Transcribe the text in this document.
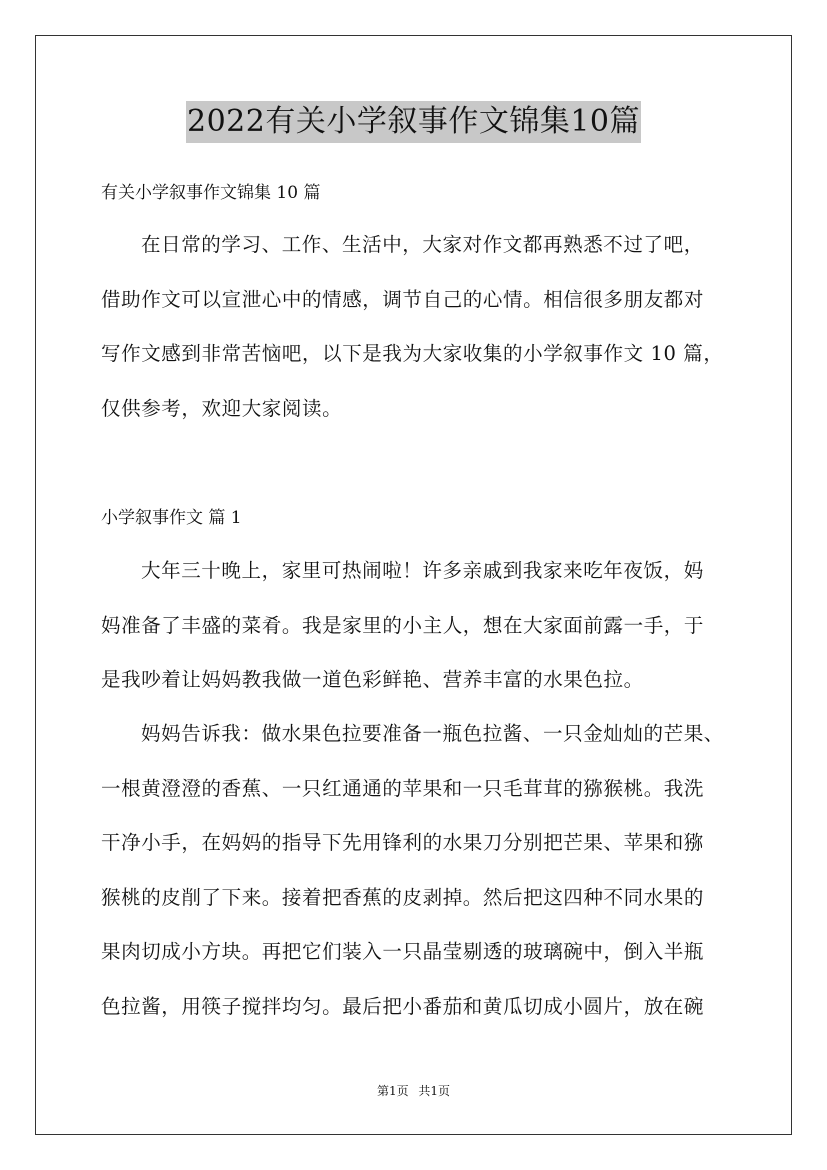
2022有关小学叙事作文锦集10篇
有关小学叙事作文锦集 10 篇
在日常的学习、工作、生活中，大家对作文都再熟悉不过了吧，
借助作文可以宣泄心中的情感，调节自己的心情。相信很多朋友都对
写作文感到非常苦恼吧，以下是我为大家收集的小学叙事作文 10 篇，
仅供参考，欢迎大家阅读。
小学叙事作文 篇 1
大年三十晚上，家里可热闹啦！许多亲戚到我家来吃年夜饭，妈
妈准备了丰盛的菜肴。我是家里的小主人，想在大家面前露一手，于
是我吵着让妈妈教我做一道色彩鲜艳、营养丰富的水果色拉。
妈妈告诉我：做水果色拉要准备一瓶色拉酱、一只金灿灿的芒果、
一根黄澄澄的香蕉、一只红通通的苹果和一只毛茸茸的猕猴桃。我洗
干净小手，在妈妈的指导下先用锋利的水果刀分别把芒果、苹果和猕
猴桃的皮削了下来。接着把香蕉的皮剥掉。然后把这四种不同水果的
果肉切成小方块。再把它们装入一只晶莹剔透的玻璃碗中，倒入半瓶
色拉酱，用筷子搅拌均匀。最后把小番茄和黄瓜切成小圆片，放在碗
第1页 共1页
